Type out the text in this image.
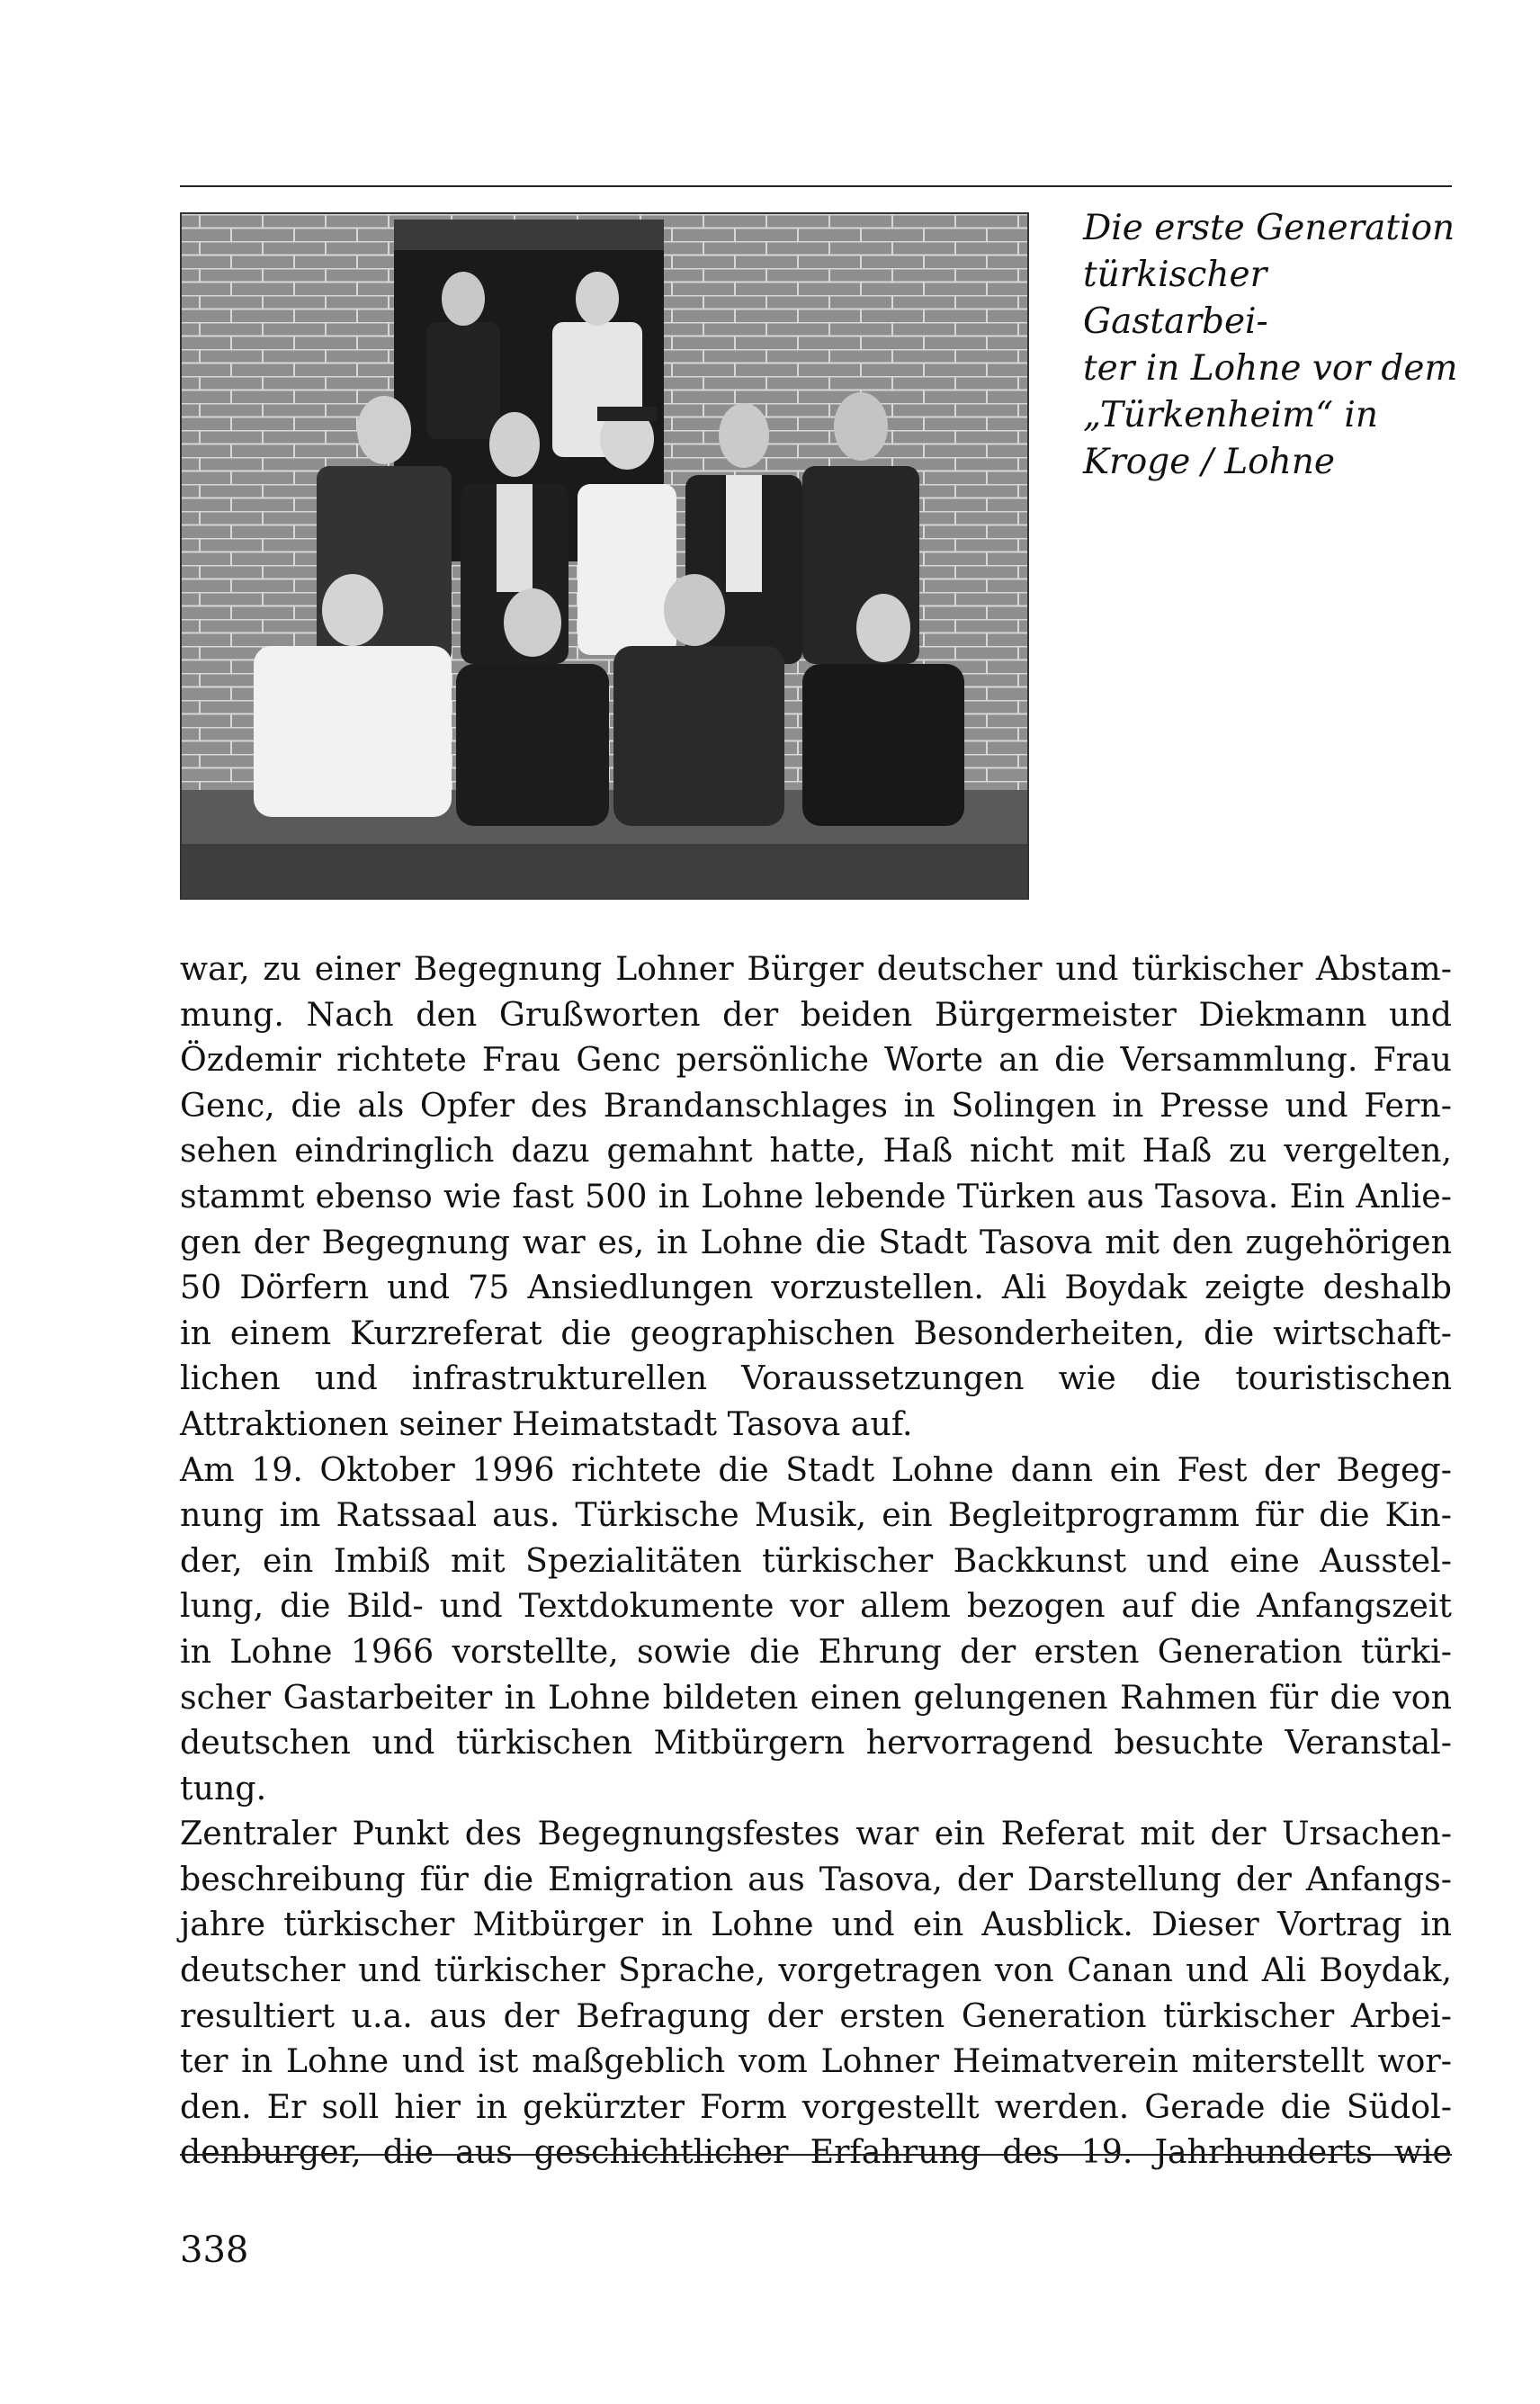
Die erste Generation
türkischer Gastarbei-
ter in Lohne vor dem
„Türkenheim“ in
Kroge / Lohne
war, zu einer Begegnung Lohner Bürger deutscher und türkischer Abstam-
mung. Nach den Grußworten der beiden Bürgermeister Diekmann und
Özdemir richtete Frau Genc persönliche Worte an die Versammlung. Frau
Genc, die als Opfer des Brandanschlages in Solingen in Presse und Fern-
sehen eindringlich dazu gemahnt hatte, Haß nicht mit Haß zu vergelten,
stammt ebenso wie fast 500 in Lohne lebende Türken aus Tasova. Ein Anlie-
gen der Begegnung war es, in Lohne die Stadt Tasova mit den zugehörigen
50 Dörfern und 75 Ansiedlungen vorzustellen. Ali Boydak zeigte deshalb
in einem Kurzreferat die geographischen Besonderheiten, die wirtschaft-
lichen und infrastrukturellen Voraussetzungen wie die touristischen
Attraktionen seiner Heimatstadt Tasova auf.
Am 19. Oktober 1996 richtete die Stadt Lohne dann ein Fest der Begeg-
nung im Ratssaal aus. Türkische Musik, ein Begleitprogramm für die Kin-
der, ein Imbiß mit Spezialitäten türkischer Backkunst und eine Ausstel-
lung, die Bild- und Textdokumente vor allem bezogen auf die Anfangszeit
in Lohne 1966 vorstellte, sowie die Ehrung der ersten Generation türki-
scher Gastarbeiter in Lohne bildeten einen gelungenen Rahmen für die von
deutschen und türkischen Mitbürgern hervorragend besuchte Veranstal-
tung.
Zentraler Punkt des Begegnungsfestes war ein Referat mit der Ursachen-
beschreibung für die Emigration aus Tasova, der Darstellung der Anfangs-
jahre türkischer Mitbürger in Lohne und ein Ausblick. Dieser Vortrag in
deutscher und türkischer Sprache, vorgetragen von Canan und Ali Boydak,
resultiert u.a. aus der Befragung der ersten Generation türkischer Arbei-
ter in Lohne und ist maßgeblich vom Lohner Heimatverein miterstellt wor-
den. Er soll hier in gekürzter Form vorgestellt werden. Gerade die Südol-
denburger, die aus geschichtlicher Erfahrung des 19. Jahrhunderts wie

338
